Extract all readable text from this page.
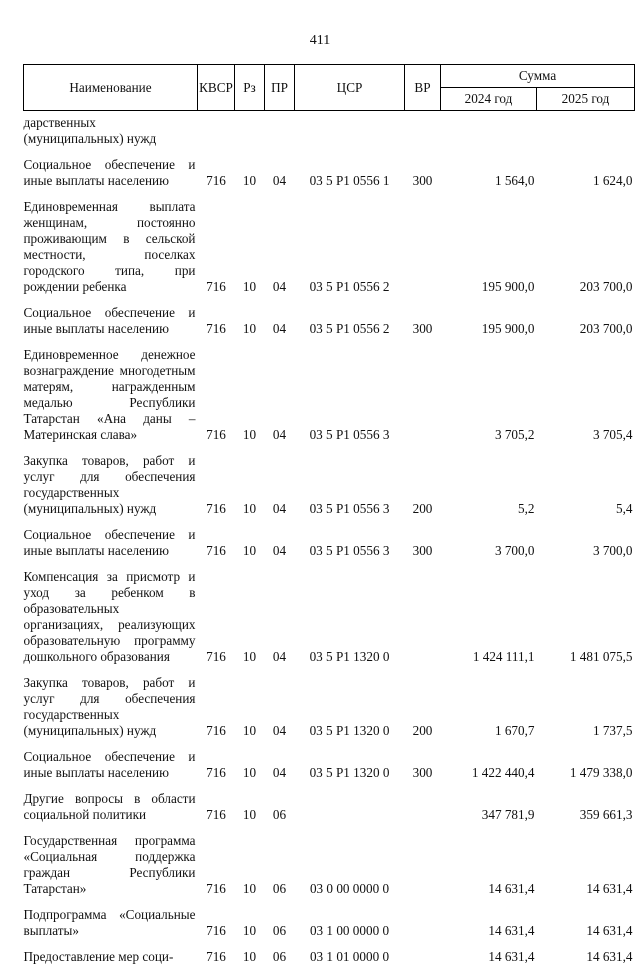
411
Наименование	КВСР	Рз	ПР	ЦСР	ВР	Сумма	
						2024 год	2025 год
дарственных (муниципальных) нужд							
Социальное обеспечение и иные выплаты населению	716	10	04	03 5 Р1 0556 1	300	1 564,0	1 624,0
Единовременная выплата женщинам, постоянно проживающим в сельской местности, поселках городского типа, при рождении ребенка	716	10	04	03 5 Р1 0556 2		195 900,0	203 700,0
Социальное обеспечение и иные выплаты населению	716	10	04	03 5 Р1 0556 2	300	195 900,0	203 700,0
Единовременное денежное вознаграждение многодетным матерям, награжденным медалью Республики Татарстан «Ана даны – Материнская слава»	716	10	04	03 5 Р1 0556 3		3 705,2	3 705,4
Закупка товаров, работ и услуг для обеспечения государственных (муниципальных) нужд	716	10	04	03 5 Р1 0556 3	200	5,2	5,4
Социальное обеспечение и иные выплаты населению	716	10	04	03 5 Р1 0556 3	300	3 700,0	3 700,0
Компенсация за присмотр и уход за ребенком в образовательных организациях, реализующих образовательную программу дошкольного образования	716	10	04	03 5 Р1 1320 0		1 424 111,1	1 481 075,5
Закупка товаров, работ и услуг для обеспечения государственных (муниципальных) нужд	716	10	04	03 5 Р1 1320 0	200	1 670,7	1 737,5
Социальное обеспечение и иные выплаты населению	716	10	04	03 5 Р1 1320 0	300	1 422 440,4	1 479 338,0
Другие вопросы в области социальной политики	716	10	06			347 781,9	359 661,3
Государственная программа «Социальная поддержка граждан Республики Татарстан»	716	10	06	03 0 00 0000 0		14 631,4	14 631,4
Подпрограмма «Социальные выплаты»	716	10	06	03 1 00 0000 0		14 631,4	14 631,4
Предоставление мер соци-	716	10	06	03 1 01 0000 0		14 631,4	14 631,4
